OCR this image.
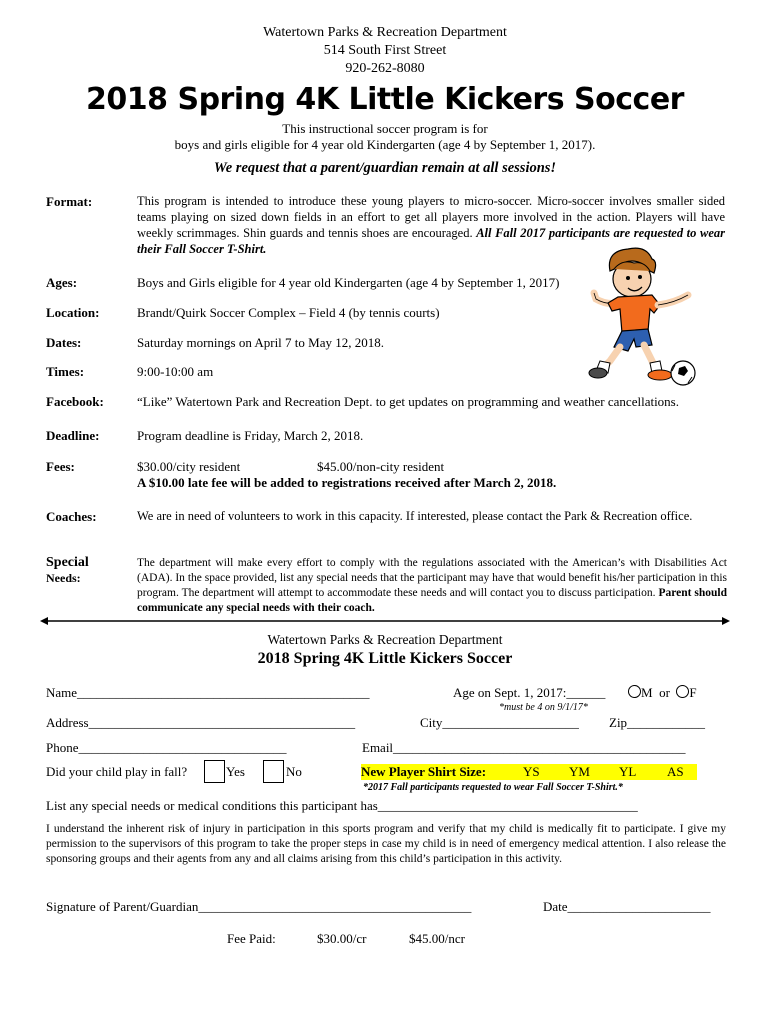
Watertown Parks & Recreation Department
514 South First Street
920-262-8080
2018 Spring 4K Little Kickers Soccer
This instructional soccer program is for
boys and girls eligible for 4 year old Kindergarten (age 4 by September 1, 2017).
We request that a parent/guardian remain at all sessions!
Format:	This program is intended to introduce these young players to micro-soccer. Micro-soccer involves smaller sided teams playing on sized down fields in an effort to get all players more involved in the action. Players will have weekly scrimmages. Shin guards and tennis shoes are encouraged. All Fall 2017 participants are requested to wear their Fall Soccer T-Shirt.
Ages:	Boys and Girls eligible for 4 year old Kindergarten (age 4 by September 1, 2017)
Location:	Brandt/Quirk Soccer Complex – Field 4 (by tennis courts)
Dates:	Saturday mornings on April 7 to May 12, 2018.
Times:	9:00-10:00 am
Facebook:	“Like” Watertown Park and Recreation Dept. to get updates on programming and weather cancellations.
Deadline:	Program deadline is Friday, March 2, 2018.
Fees:	$30.00/city resident	$45.00/non-city resident
A $10.00 late fee will be added to registrations received after March 2, 2018.
Coaches:	We are in need of volunteers to work in this capacity. If interested, please contact the Park & Recreation office.
Special
Needs:
The department will make every effort to comply with the regulations associated with the American’s with Disabilities Act (ADA). In the space provided, list any special needs that the participant may have that would benefit his/her participation in this program. The department will attempt to accommodate these needs and will contact you to discuss participation. Parent should communicate any special needs with their coach.
Watertown Parks & Recreation Department
2018 Spring 4K Little Kickers Soccer
Name_____________________________________________	Age on Sept. 1, 2017:______	M or F
*must be 4 on 9/1/17*
Address_________________________________________	City_____________________ Zip____________
Phone________________________________	Email_____________________________________________
Did your child play in fall?	Yes	No	New Player Shirt Size:	YS YM YL AS
*2017 Fall participants requested to wear Fall Soccer T-Shirt.*
List any special needs or medical conditions this participant has________________________________________
I understand the inherent risk of injury in participation in this sports program and verify that my child is medically fit to participate. I give my permission to the supervisors of this program to take the proper steps in case my child is in need of emergency medical attention. I also release the sponsoring groups and their agents from any and all claims arising from this child’s participation in this activity.
Signature of Parent/Guardian__________________________________________	Date______________________
Fee Paid:	$30.00/cr	$45.00/ncr
